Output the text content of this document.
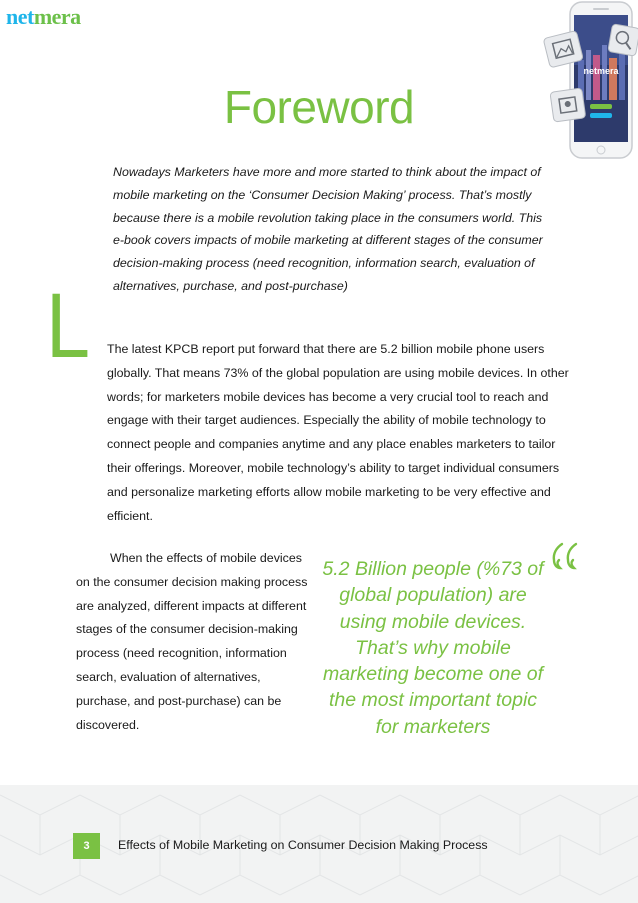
netmera
netmera
Foreword
Nowadays Marketers have more and more started to think about the impact of mobile marketing on the ‘Consumer Decision Making’ process. That’s mostly because there is a mobile revolution taking place in the consumers world. This e-book covers impacts of mobile marketing at different stages of the consumer decision-making process (need recognition, information search, evaluation of alternatives, purchase, and post-purchase)
L The latest KPCB report put forward that there are 5.2 billion mobile phone users globally. That means 73% of the global population are using mobile devices. In other words; for marketers mobile devices has become a very crucial tool to reach and engage with their target audiences. Especially the ability of mobile technology to connect people and companies anytime and any place enables marketers to tailor their offerings. Moreover, mobile technology’s ability to target individual consumers and personalize marketing efforts allow mobile marketing to be very effective and efficient.
When the effects of mobile devices on the consumer decision making process are analyzed, different impacts at different stages of the consumer decision-making process (need recognition, information search, evaluation of alternatives, purchase, and post-purchase) can be discovered.
5.2 Billion people (%73 of global population) are using mobile devices. That’s why mobile marketing become one of the most important topic for marketers
3	Effects of Mobile Marketing on Consumer Decision Making Process
